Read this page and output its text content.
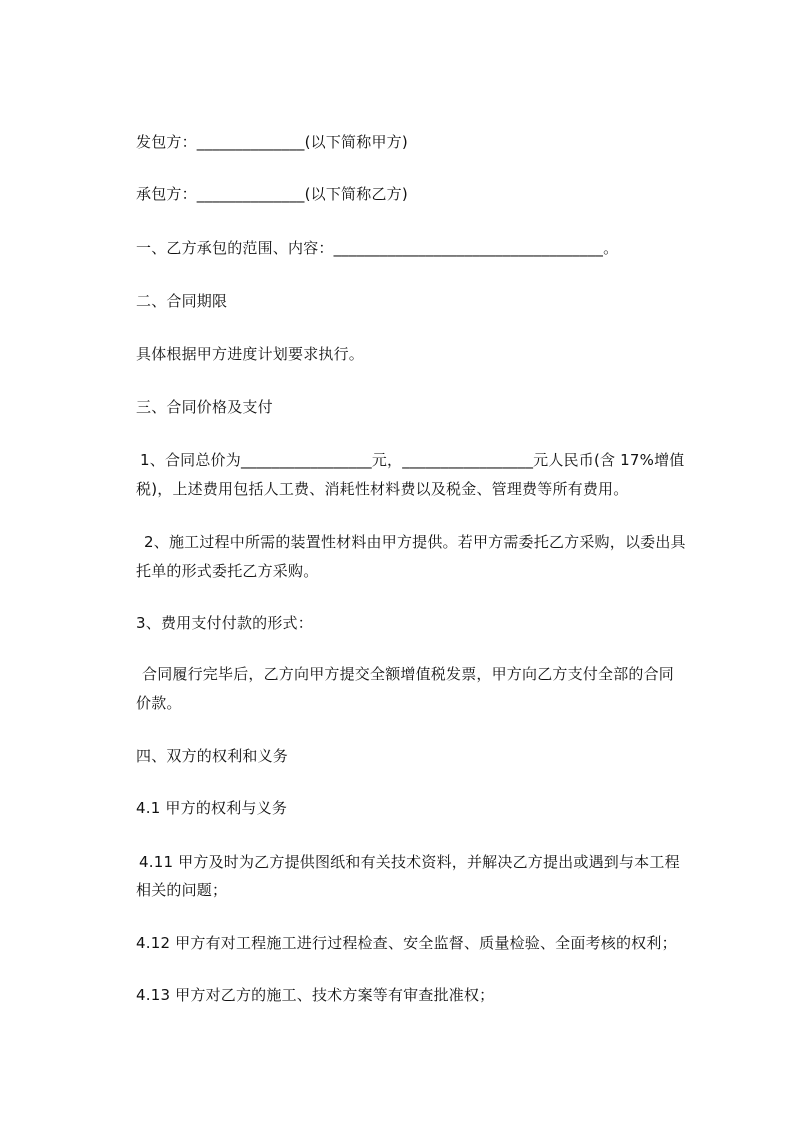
发包方：______________(以下简称甲方)
承包方：______________(以下简称乙方)
一、乙方承包的范围、内容：___________________________________。
二、合同期限
具体根据甲方进度计划要求执行。
三、合同价格及支付
1、合同总价为_________________元，_________________元人民币(含 17%增值
税)，上述费用包括人工费、消耗性材料费以及税金、管理费等所有费用。
2、施工过程中所需的装置性材料由甲方提供。若甲方需委托乙方采购，以委出具
托单的形式委托乙方采购。
3、费用支付付款的形式：
合同履行完毕后，乙方向甲方提交全额增值税发票，甲方向乙方支付全部的合同
价款。
四、双方的权利和义务
4.1 甲方的权利与义务
4.11 甲方及时为乙方提供图纸和有关技术资料，并解决乙方提出或遇到与本工程
相关的问题；
4.12 甲方有对工程施工进行过程检查、安全监督、质量检验、全面考核的权利；
4.13 甲方对乙方的施工、技术方案等有审查批准权；
